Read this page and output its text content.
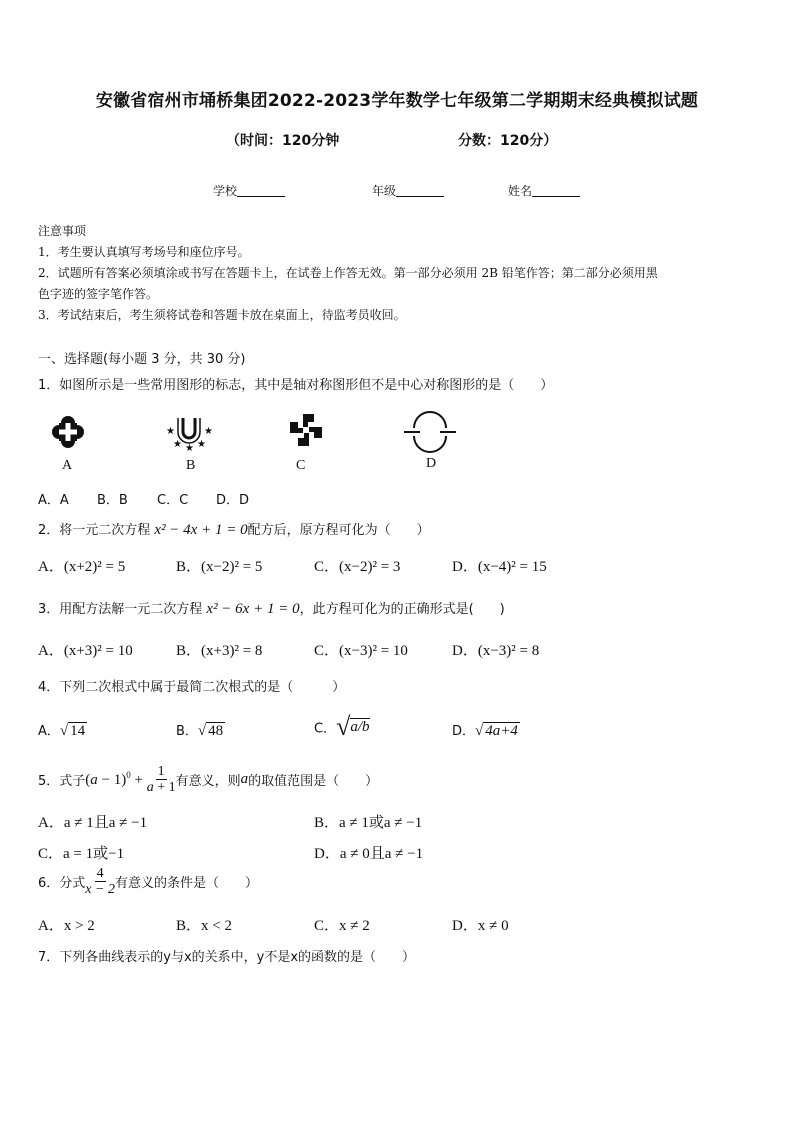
安徽省宿州市埇桥集团2022-2023学年数学七年级第二学期期末经典模拟试题
（时间：120分钟	分数：120分）
学校	年级	姓名
注意事项
1．考生要认真填写考场号和座位序号。
2．试题所有答案必须填涂或书写在答题卡上，在试卷上作答无效。第一部分必须用 2B 铅笔作答；第二部分必须用黑
色字迹的签字笔作答。
3．考试结束后，考生须将试卷和答题卡放在桌面上，待监考员收回。
一、选择题(每小题 3 分，共 30 分)
1．如图所示是一些常用图形的标志，其中是轴对称图形但不是中心对称图形的是（　　）
★	★
★ ★ ★
A	B	C	D
A．A B．B C．C D．D
2．将一元二次方程 x² − 4x + 1 = 0配方后，原方程可化为（　　）
A．(x+2)² = 5	B．(x−2)² = 5	C．(x−2)² = 3	D．(x−4)² = 15
3．用配方法解一元二次方程 x² − 6x + 1 = 0，此方程可化为的正确形式是(　　)
A．(x+3)² = 10	B．(x+3)² = 8	C．(x−3)² = 10	D．(x−3)² = 8
4．下列二次根式中属于最简二次根式的是（　　　）
A．√ 14	B．√ 48	C．√a/b	D．√ 4a+4
5．式子$(a - 1)^0 + \frac{1}{a + 1}$ 有意义，则a的取值范围是（　　）
A．a ≠ 1且a ≠ −1	B．a ≠ 1或a ≠ −1
C．a = 1或−1	D．a ≠ 0且a ≠ −1
6．分式 $\frac{4}{x - 2}$ 有意义的条件是（　　）
A．x > 2	B．x < 2	C．x ≠ 2	D．x ≠ 0
7．下列各曲线表示的y与x的关系中，y不是x的函数的是（　　）
